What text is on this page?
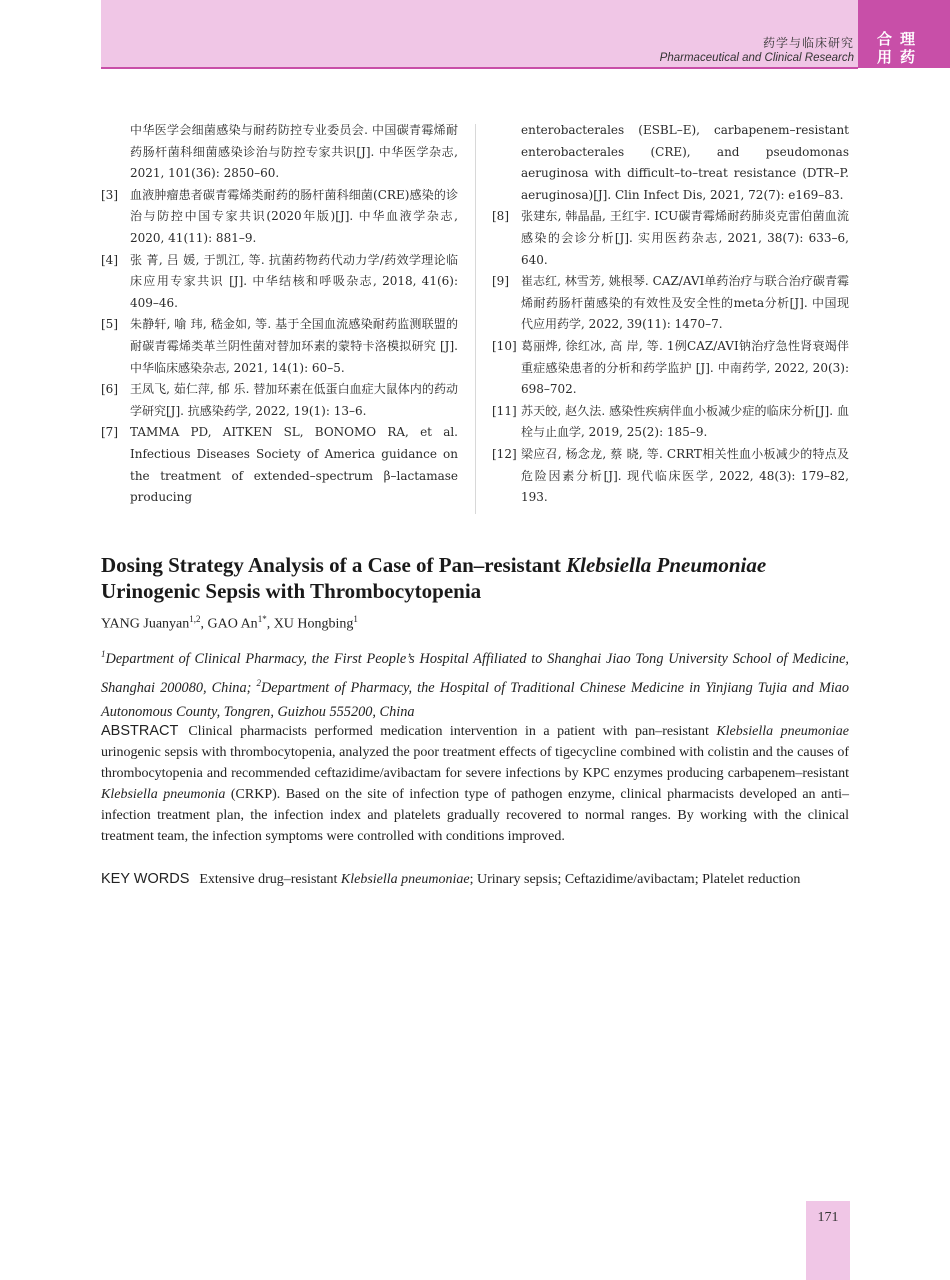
药学与临床研究
Pharmaceutical and Clinical Research
合理
用药
中华医学会细菌感染与耐药防控专业委员会. 中国碳青霉烯耐药肠杆菌科细菌感染诊治与防控专家共识[J]. 中华医学杂志, 2021, 101(36): 2850–60.
[3] 血液肿瘤患者碳青霉烯类耐药的肠杆菌科细菌(CRE)感染的诊治与防控中国专家共识(2020年版)[J]. 中华血液学杂志, 2020, 41(11): 881–9.
[4] 张 菁, 吕 媛, 于凯江, 等. 抗菌药物药代动力学/药效学理论临床应用专家共识 [J]. 中华结核和呼吸杂志, 2018, 41(6): 409–46.
[5] 朱静轩, 喻 玮, 嵇金如, 等. 基于全国血流感染耐药监测联盟的耐碳青霉烯类革兰阴性菌对替加环素的蒙特卡洛模拟研究 [J]. 中华临床感染杂志, 2021, 14(1): 60–5.
[6] 王凤飞, 茹仁萍, 郁 乐. 替加环素在低蛋白血症大鼠体内的药动学研究[J]. 抗感染药学, 2022, 19(1): 13–6.
[7] TAMMA PD, AITKEN SL, BONOMO RA, et al. Infectious Diseases Society of America guidance on the treatment of extended–spectrum β–lactamase producing
enterobacterales (ESBL–E), carbapenem–resistant enterobacterales (CRE), and pseudomonas aeruginosa with difficult–to–treat resistance (DTR–P. aeruginosa)[J]. Clin Infect Dis, 2021, 72(7): e169–83.
[8] 张建东, 韩晶晶, 王红宇. ICU碳青霉烯耐药肺炎克雷伯菌血流感染的会诊分析[J]. 实用医药杂志, 2021, 38(7): 633–6, 640.
[9] 崔志红, 林雪芳, 姚根琴. CAZ/AVI单药治疗与联合治疗碳青霉烯耐药肠杆菌感染的有效性及安全性的meta分析[J]. 中国现代应用药学, 2022, 39(11): 1470–7.
[10] 葛丽烨, 徐红冰, 高 岸, 等. 1例CAZ/AVI钠治疗急性肾衰竭伴重症感染患者的分析和药学监护 [J]. 中南药学, 2022, 20(3): 698–702.
[11] 苏天皎, 赵久法. 感染性疾病伴血小板减少症的临床分析[J]. 血栓与止血学, 2019, 25(2): 185–9.
[12] 梁应召, 杨念龙, 蔡 晓, 等. CRRT相关性血小板减少的特点及危险因素分析[J]. 现代临床医学, 2022, 48(3): 179–82, 193.
Dosing Strategy Analysis of a Case of Pan–resistant Klebsiella Pneumoniae Urinogenic Sepsis with Thrombocytopenia
YANG Juanyan$^{1,2}$, GAO $An^{1*}$, XU Hongbing$^1$
$^1$Department of Clinical Pharmacy, the First People’s Hospital Affiliated to Shanghai Jiao Tong University School of Medicine, Shanghai 200080, China; $^2$Department of Pharmacy, the Hospital of Traditional Chinese Medicine in Yinjiang Tujia and Miao Autonomous County, Tongren, Guizhou 555200, China
ABSTRACT Clinical pharmacists performed medication intervention in a patient with pan–resistant Klebsiella pneumoniae urinogenic sepsis with thrombocytopenia, analyzed the poor treatment effects of tigecycline combined with colistin and the causes of thrombocytopenia and recommended ceftazidime/avibactam for severe infections by KPC enzymes producing carbapenem–resistant Klebsiella pneumonia (CRKP). Based on the site of infection type of pathogen enzyme, clinical pharmacists developed an anti–infection treatment plan, the infection index and platelets gradually recovered to normal ranges. By working with the clinical treatment team, the infection symptoms were controlled with conditions improved.
KEY WORDS Extensive drug–resistant Klebsiella pneumoniae; Urinary sepsis; Ceftazidime/avibactam; Platelet reduction
171
